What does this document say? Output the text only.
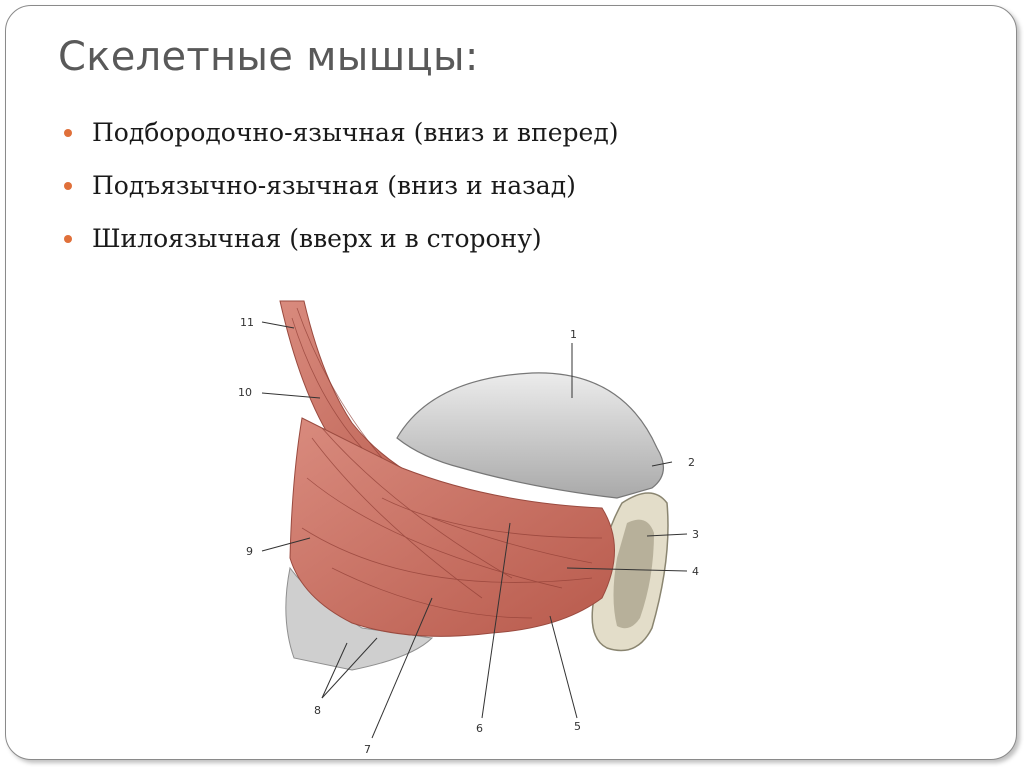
Скелетные мышцы:
Подбородочно-язычная (вниз и вперед)
Подъязычно-язычная (вниз и назад)
Шилоязычная (вверх и в сторону)
1
2
3
4
5
6
7
8
9
10
11
